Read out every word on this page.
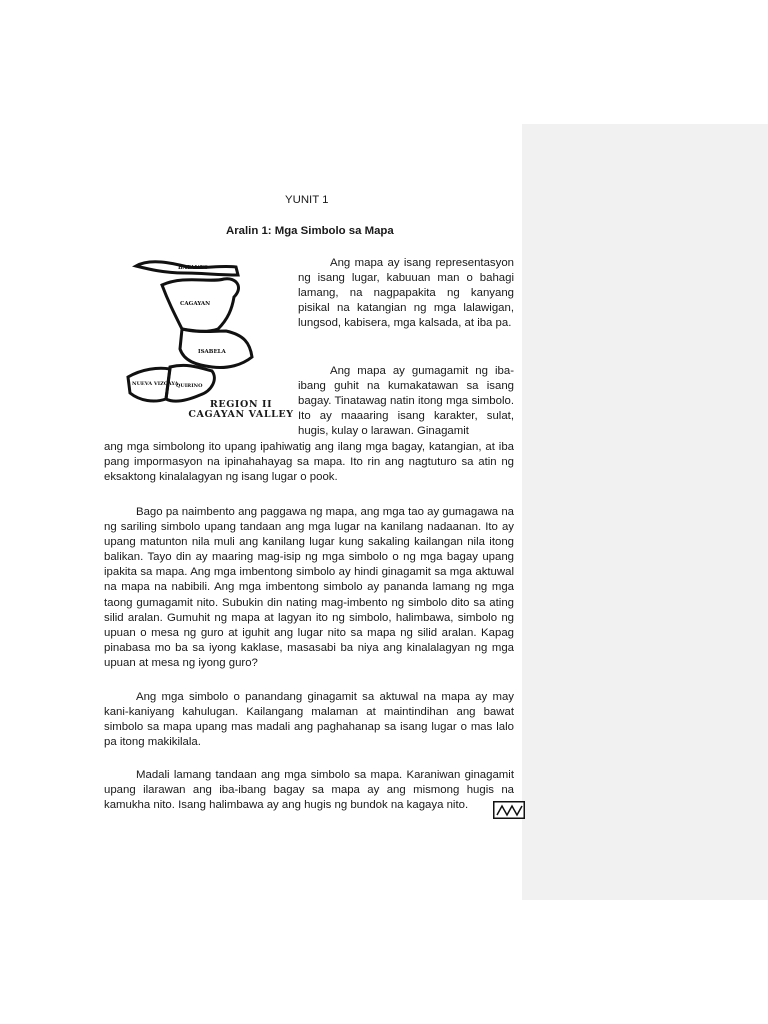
YUNIT 1
Aralin 1: Mga Simbolo sa Mapa
BATANES
CAGAYAN
ISABELA
NUEVA VIZCAYA
QUIRINO
REGION II
CAGAYAN VALLEY
Ang mapa ay isang representasyon ng isang lugar, kabuuan man o bahagi lamang, na nagpapakita ng kanyang pisikal na katangian ng mga lalawigan, lungsod, kabisera, mga kalsada, at iba pa.
Ang mapa ay gumagamit ng iba-ibang guhit na kumakatawan sa isang bagay. Tinatawag natin itong mga simbolo. Ito ay maaaring isang karakter, sulat, hugis, kulay o larawan. Ginagamit
ang mga simbolong ito upang ipahiwatig ang ilang mga bagay, katangian, at iba pang impormasyon na ipinahahayag sa mapa. Ito rin ang nagtuturo sa atin ng eksaktong kinalalagyan ng isang lugar o pook.
Bago pa naimbento ang paggawa ng mapa, ang mga tao ay gumagawa na ng sariling simbolo upang tandaan ang mga lugar na kanilang nadaanan. Ito ay upang matunton nila muli ang kanilang lugar kung sakaling kailangan nila itong balikan. Tayo din ay maaring mag-isip ng mga simbolo o ng mga bagay upang ipakita sa mapa. Ang mga imbentong simbolo ay hindi ginagamit sa mga aktuwal na mapa na nabibili. Ang mga imbentong simbolo ay pananda lamang ng mga taong gumagamit nito. Subukin din nating mag-imbento ng simbolo dito sa ating silid aralan. Gumuhit ng mapa at lagyan ito ng simbolo, halimbawa, simbolo ng upuan o mesa ng guro at iguhit ang lugar nito sa mapa ng silid aralan. Kapag pinabasa mo ba sa iyong kaklase, masasabi ba niya ang kinalalagyan ng mga upuan at mesa ng iyong guro?
Ang mga simbolo o panandang ginagamit sa aktuwal na mapa ay may kani-kaniyang kahulugan. Kailangang malaman at maintindihan ang bawat simbolo sa mapa upang mas madali ang paghahanap sa isang lugar o mas lalo pa itong makikilala.
Madali lamang tandaan ang mga simbolo sa mapa. Karaniwan ginagamit upang ilarawan ang iba-ibang bagay sa mapa ay ang mismong hugis na kamukha nito. Isang halimbawa ay ang hugis ng bundok na kagaya nito.
